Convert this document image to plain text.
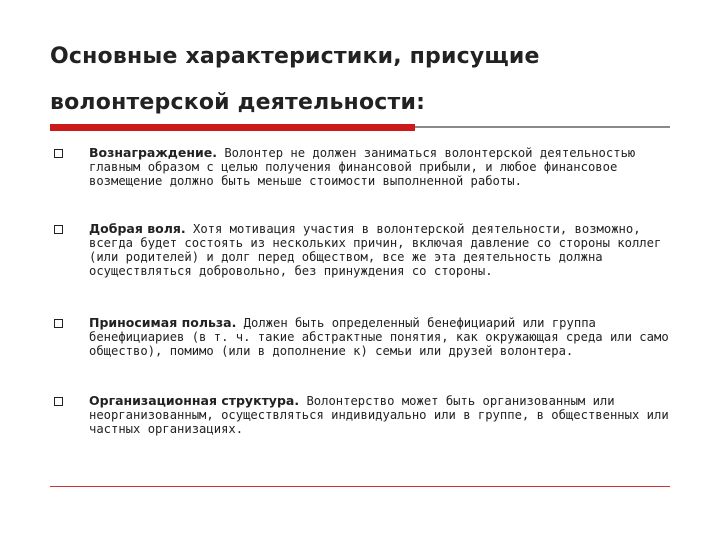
Основные характеристики, присущие
волонтерской деятельности:
Вознаграждение. Волонтер не должен заниматься волонтерской деятельностью главным образом с целью получения финансовой прибыли, и любое финансовое возмещение должно быть меньше стоимости выполненной работы.
Добрая воля. Хотя мотивация участия в волонтерской деятельности, возможно, всегда будет состоять из нескольких причин, включая давление со стороны коллег (или родителей) и долг перед обществом, все же эта деятельность должна осуществляться добровольно, без принуждения со стороны.
Приносимая польза. Должен быть определенный бенефициарий или группа бенефициариев (в т. ч. такие абстрактные понятия, как окружающая среда или само общество), помимо (или в дополнение к) семьи или друзей волонтера.
Организационная структура. Волонтерство может быть организованным или неорганизованным, осуществляться индивидуально или в группе, в общественных или частных организациях.
